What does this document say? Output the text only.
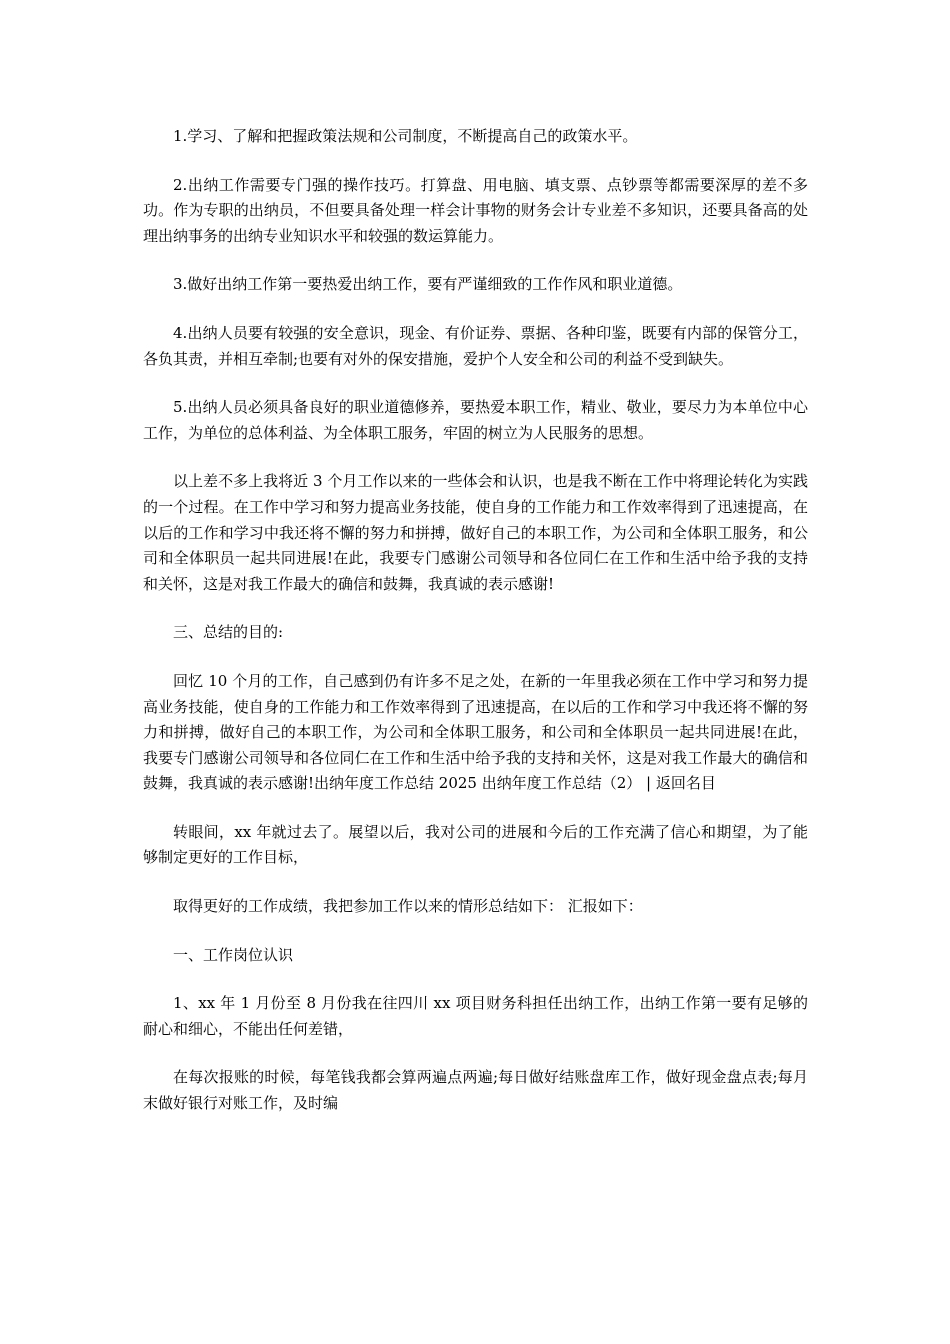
1.学习、了解和把握政策法规和公司制度，不断提高自己的政策水平。

2.出纳工作需要专门强的操作技巧。打算盘、用电脑、填支票、点钞票等都需要深厚的差不多功。作为专职的出纳员，不但要具备处理一样会计事物的财务会计专业差不多知识，还要具备高的处理出纳事务的出纳专业知识水平和较强的数运算能力。

3.做好出纳工作第一要热爱出纳工作，要有严谨细致的工作作风和职业道德。

4.出纳人员要有较强的安全意识，现金、有价证券、票据、各种印鉴，既要有内部的保管分工，各负其责，并相互牵制;也要有对外的保安措施，爱护个人安全和公司的利益不受到缺失。

5.出纳人员必须具备良好的职业道德修养，要热爱本职工作，精业、敬业，要尽力为本单位中心工作，为单位的总体利益、为全体职工服务，牢固的树立为人民服务的思想。

以上差不多上我将近 3 个月工作以来的一些体会和认识，也是我不断在工作中将理论转化为实践的一个过程。在工作中学习和努力提高业务技能，使自身的工作能力和工作效率得到了迅速提高，在以后的工作和学习中我还将不懈的努力和拼搏，做好自己的本职工作，为公司和全体职工服务，和公司和全体职员一起共同进展!在此，我要专门感谢公司领导和各位同仁在工作和生活中给予我的支持和关怀，这是对我工作最大的确信和鼓舞，我真诚的表示感谢!

三、总结的目的:

回忆 10 个月的工作，自己感到仍有许多不足之处，在新的一年里我必须在工作中学习和努力提高业务技能，使自身的工作能力和工作效率得到了迅速提高，在以后的工作和学习中我还将不懈的努力和拼搏，做好自己的本职工作，为公司和全体职工服务，和公司和全体职员一起共同进展!在此，我要专门感谢公司领导和各位同仁在工作和生活中给予我的支持和关怀，这是对我工作最大的确信和鼓舞，我真诚的表示感谢!出纳年度工作总结 2025 出纳年度工作总结（2） | 返回名目

转眼间，xx 年就过去了。展望以后，我对公司的进展和今后的工作充满了信心和期望，为了能够制定更好的工作目标，

取得更好的工作成绩，我把参加工作以来的情形总结如下： 汇报如下：

一、工作岗位认识

1、xx 年 1 月份至 8 月份我在往四川 xx 项目财务科担任出纳工作，出纳工作第一要有足够的耐心和细心，不能出任何差错，

在每次报账的时候，每笔钱我都会算两遍点两遍;每日做好结账盘库工作，做好现金盘点表;每月末做好银行对账工作，及时编
